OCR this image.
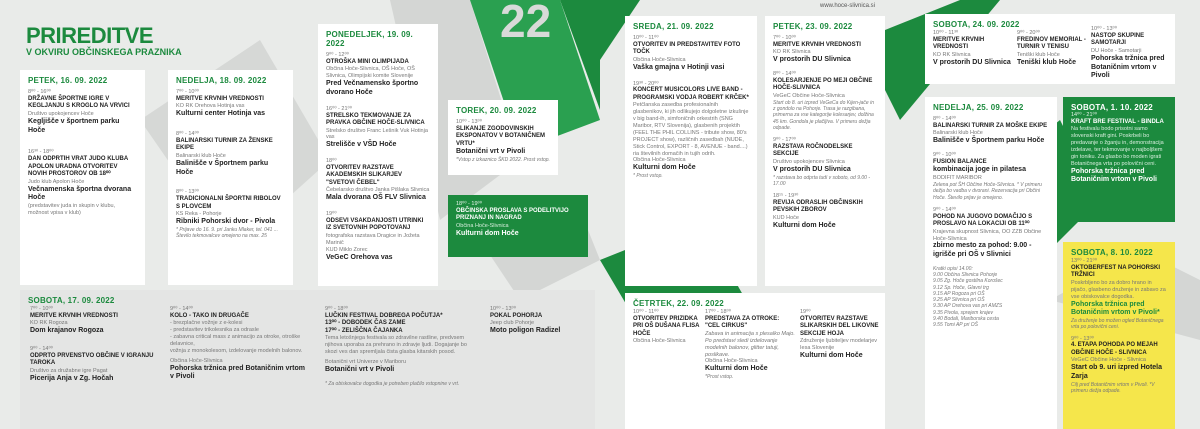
22	www.hoce-slivnica.si
PRIREDITVE
V OKVIRU OBČINSKEGA PRAZNIKA
PETEK, 16. 09. 2022
8⁰⁰ - 16⁰⁰
DRŽAVNE ŠPORTNE IGRE V KEGLJANJU S KROGLO NA VRVICI
Društvo upokojencev Hoče
Kegljišče v športnem parku Hoče
16³⁰ - 18⁰⁰
DAN ODPRTIH VRAT JUDO KLUBA APOLON URADNA OTVORITEV NOVIH PROSTOROV OB 18⁰⁰
Judo klub Apolon Hoče
Večnamenska športna dvorana Hoče
(predstavitev juda in skupin v klubu, možnost vpisa v klub)
NEDELJA, 18. 09. 2022
7⁰⁰ - 10⁰⁰
MERITVE KRVNIH VREDNOSTI
KO RK Orehova Hotinja vas
Kulturni center Hotinja vas
8⁰⁰ - 14⁰⁰
BALINARSKI TURNIR ZA ŽENSKE EKIPE
Balinarski klub Hoče
Balinišče v Športnem parku Hoče
8⁰⁰ - 13⁰⁰
TRADICIONALNI ŠPORTNI RIBOLOV S PLOVCEM
KS Reka - Pohorje
Ribniki Pohorski dvor - Pivola
* Prijave do 16. 9. pri Janku Mlaker, tel. 041 ... Število tekmovalcev omejeno na max. 25
SOBOTA, 17. 09. 2022
7⁰⁰ - 10⁰⁰
MERITVE KRVNIH VREDNOSTI
KO RK Rogoza
Dom krajanov Rogoza
9⁰⁰ - 14⁰⁰
ODPRTO PRVENSTVO OBČINE V IGRANJU TAROKA
Društvo za družabne igre Pagat
Picerija Anja v Zg. Hočah
9⁰⁰ - 14⁰⁰
KOLO - TAKO IN DRUGAČE
- brezplačne vožnje z e-kolesi
- predstavitev trikolesnika za odrasle
- zabavna critical mass z animacijo za otroke, otroške delavnice,
vožnja z monokolesom, izdelovanje modelnih balonov.
Občina Hoče-Slivnica
Pohorska tržnica pred Botaničnim vrtom v Pivoli
9⁰⁰ - 18⁰⁰
LUČKIN FESTIVAL DOBREGA POČUTJA*
13⁰⁰ - DOBODEK ČAS ZAME
17⁰⁰ - ZELIŠČNA ČAJANKA
Tema letošnjega festivala so zdravilne rastline, predvsem njihova uporaba za prehrano in zdravje ljudi. Dogajanje bo skozi ves dan spremljala čista glasba kitarskih posod.
Botanični vrt Univerze v Mariboru
Botanični vrt v Pivoli
* Za obiskovalce dogodka je potreben plačilo vstopnine v vrt.
10⁰⁰ - 13⁰⁰
POKAL POHORJA
Jeep club Pohorje
Moto poligon Radizel
PONEDELJEK, 19. 09. 2022
9⁰⁰ - 12⁰⁰
OTROŠKA MINI OLIMPIJADA
Občina Hoče-Slivnica, OŠ Hoče, OŠ Slivnica, Olimpijski komite Slovenije
Pred Večnamensko športno dvorano Hoče
16⁰⁰ - 21⁰⁰
STRELSKO TEKMOVANJE ZA PRAVKA OBČINE HOČE-SLIVNICA
Strelsko društvo Franc Lešnik Vuk Hotinja vas
Strelišče v VŠD Hoče
18⁰⁰
OTVORITEV RAZSTAVE AKADEMSKIH SLIKARJEV "SVETOVI ČEBEL"
Čebelarsko društvo Janka Pišlaka Slivnica
Mala dvorana OŠ FLV Slivnica
19⁰⁰
ODSEVI VSAKDANJOSTI UTRINKI IZ SVETOVNIH POPOTOVANJ
fotografska razstava Dragice in Jožeta Marinič
KUD Miklo Zorec
VeGeC Orehova vas
TOREK, 20. 09. 2022
10⁰⁰ - 13⁰⁰
SLIKANJE ZGODOVINSKIH EKSPONATOV V BOTANIČNEM VRTU*
Botanični vrt v Pivoli
*Vstop z izkaznico ŠKD 2022. Prost vstop.
18⁰⁰ - 19⁰⁰
OBČINSKA PROSLAVA S PODELITVIJO PRIZNANJ IN NAGRAD
Občina Hoče-Slivnica
Kulturni dom Hoče
SREDA, 21. 09. 2022
10⁰⁰ - 11⁰⁰
OTVORITEV IN PREDSTAVITEV FOTO TOČK
Občina Hoče-Slivnica
Vaška gmajna v Hotinji vasi
19³⁰ - 20⁰⁰
KONCERT MUSICOLORS LIVE BAND - PROGRAMSKI VODJA ROBERT KRČEK*
Petčlanska zasedba profesionalnih glasbenikov, ki jih odlikujejo dolgoletne izkušnje v big band-ih, simfoničnih orkestrih (SNG Maribor, RTV Slovenija), glasbenih projektih (FEEL THE PHIL COLLINS - tribute show, 80's PROJECT show), različnih zasedbah (NUDE, Stick Control, EXPORT - 8, AVENUE - band....) ria številnih domačih in tujih odrih.
Občina Hoče-Slivnica
Kulturni dom Hoče
* Prost vstop.
PETEK, 23. 09. 2022
7⁰⁰ - 10⁰⁰
MERITVE KRVNIH VREDNOSTI
KO RK Slivnica
V prostorih DU Slivnica
8⁰⁰ - 14⁰⁰
KOLESARJENJE PO MEJI OBČINE HOČE-SLIVNICA
VeGeC Občine Hoče-Slivnica
Start ob 8. uri izpred VeGeCa do Kijen-jače in z gondolo na Pohorje. Trasa je razgibana, primerna za vse kategorije kolesarjev, dolžina 45 km. Gondola je plačljiva. V primeru dežja odpade.
9⁰⁰ - 17⁰⁰
RAZSTAVA ROČNODELSKE SEKCIJE
Društvo upokojencev Slivnica
V prostorih DU Slivnica
* razstava bo odprta tudi v soboto, od 9.00 - 17.00
18¹⁵ - 19³⁰
REVIJA ODRASLIH OBČINSKIH PEVSKIH ZBOROV
KUD Hoče
Kulturni dom Hoče
ČETRTEK, 22. 09. 2022
10⁰⁰ - 11⁰⁰
OTVORITEV PRIZIDKA PRI OŠ DUŠANA FLISA HOČE
Občina Hoče-Slivnica
17⁰⁰ - 18⁰⁰
PREDSTAVA ZA OTROKE: "CEL CIRKUS"
Zabava in animacija s plesalko Majo. Po predstavi sledi izdelovanje modelnih balonov, glitter tatuji, poslikave.
Občina Hoče-Slivnica
Kulturni dom Hoče
*Prost vstop.
19⁰⁰
OTVORITEV RAZSTAVE SLIKARSKIH DEL LIKOVNE SEKCIJE HOJA
Združenje ljubiteljev modelarjev Iesa Slovenije
Kulturni dom Hoče
SOBOTA, 24. 09. 2022
10⁰⁰ - 11³⁰
MERITVE KRVNIH VREDNOSTI
KO RK Slivnica
V prostorih DU Slivnica
9⁰⁰ - 20⁰⁰
FREDINOV MEMORIAL - TURNIR V TENISU
Teniški klub Hoče
Teniški klub Hoče
10⁰⁰ - 13⁰⁰
NASTOP SKUPINE SAMOTARJI
DU Hoče - Samotarji
Pohorska tržnica pred Botaničnim vrtom v Pivoli
NEDELJA, 25. 09. 2022
8⁰⁰ - 14⁰⁰
BALINARSKI TURNIR ZA MOŠKE EKIPE
Balinarski klub Hoče
Balinišče v Športnem parku Hoče
9⁰⁰ - 10⁰⁰
FUSION BALANCE
kombinacija joge in pilatesa
BODIFIT MARIBOR
Zelena pot ŠH Občine Hoče-Slivnica. * V primeru dežja bo vadba v dvorani. Rezervacija pri Občini Hoče. Število prijav je omejeno.
9⁰⁰ - 14⁰⁰
POHOD NA JUGOVO DOMAČIJO S PROSLAVO NA LOKACIJI OB 11⁰⁰
Krajevna skupnost Slivnica, OO ZZB Občine Hoče-Slivnica
zbirno mesto za pohod: 9.00 - igrišče pri OŠ v Slivnici
Kratki opisi 14.00:
9.00 Občina Slivnica Pohorje
9.05 Zg. Hoče gostilna Korošec
9.12 Sp. Hoče, Glavni trg
9.15 AP Rogoza pri OŠ
9.25 AP Slivnica pri OŠ
9.30 AP Orehova vas pri AMZS
9.35 Pivola, sprejem krajev
9.40 Bodali, Mariborska cesta
9.55 Tomi AP pri OŠ
SOBOTA, 1. 10. 2022
14⁰⁰ - 21⁰⁰
KRAFT BRE FESTIVAL - BINDLA
Na festivalu bodo prisotni samo slovenski kraft gini. Poskrbeli bo predavanje o žganju in, demonstracija izdelave, ter tekmovanje v najboljšem gin toniku. Za glasbo bo moden igrati Botaničnega vrta po polovični ceni.
Pohorska tržnica pred Botaničnim vrtom v Pivoli
SOBOTA, 8. 10. 2022
13⁰⁰ - 21⁰⁰
OKTOBERFEST NA POHORSKI TRŽNICI
Poskrbljeno bo za dobro hrano in pijačo, glasbeno druženje in zabavo za vse obiskovalce dogodka.
Pohorska tržnica pred Botaničnim vrtom v Pivoli*
Za druženje bo možen ogled Botaničnega vrta po polovični ceni.
9⁰⁰ - 13⁰⁰
4. ETAPA POHODA PO MEJAH OBČINE HOČE - SLIVNICA
VeGeC Občine Hoče - Slivnica
Start ob 9. uri izpred Hotela Zarja
Cilj pred Botaničnim vrtom v Pivoli. *V primeru dežja odpade.
